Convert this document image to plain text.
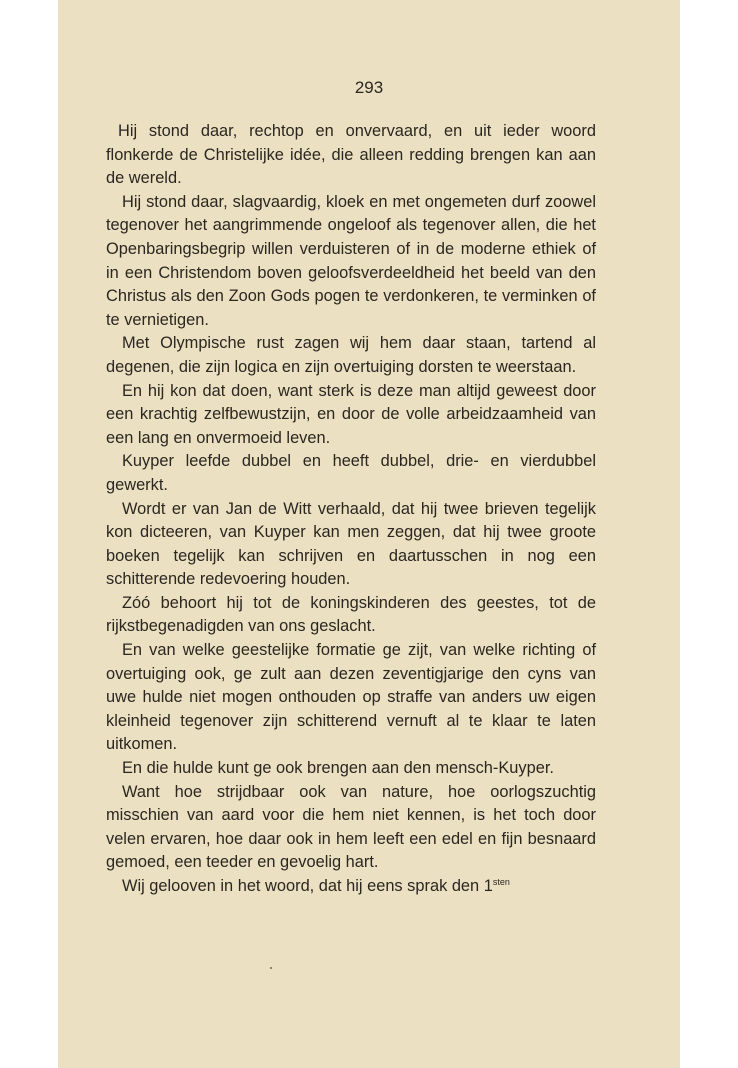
293

Hij stond daar, rechtop en onvervaard, en uit ieder woord flonkerde de Christelijke idée, die alleen redding brengen kan aan de wereld.

Hij stond daar, slagvaardig, kloek en met ongemeten durf zoowel tegenover het aangrimmende ongeloof als tegenover allen, die het Openbaringsbegrip willen verduisteren of in de moderne ethiek of in een Christendom boven geloofsverdeeldheid het beeld van den Christus als den Zoon Gods pogen te verdonkeren, te verminken of te vernietigen.

Met Olympische rust zagen wij hem daar staan, tartend al degenen, die zijn logica en zijn overtuiging dorsten te weerstaan.

En hij kon dat doen, want sterk is deze man altijd geweest door een krachtig zelfbewustzijn, en door de volle arbeidzaamheid van een lang en onvermoeid leven.

Kuyper leefde dubbel en heeft dubbel, drie- en vierdubbel gewerkt.

Wordt er van Jan de Witt verhaald, dat hij twee brieven tegelijk kon dicteeren, van Kuyper kan men zeggen, dat hij twee groote boeken tegelijk kan schrijven en daartusschen in nog een schitterende redevoering houden.

Zóó behoort hij tot de koningskinderen des geestes, tot de rijkstbegenadigden van ons geslacht.

En van welke geestelijke formatie ge zijt, van welke richting of overtuiging ook, ge zult aan dezen zeventigjarige den cyns van uwe hulde niet mogen onthouden op straffe van anders uw eigen kleinheid tegenover zijn schitterend vernuft al te klaar te laten uitkomen.

En die hulde kunt ge ook brengen aan den mensch-Kuyper.

Want hoe strijdbaar ook van nature, hoe oorlogszuchtig misschien van aard voor die hem niet kennen, is het toch door velen ervaren, hoe daar ook in hem leeft een edel en fijn besnaard gemoed, een teeder en gevoelig hart.

Wij gelooven in het woord, dat hij eens sprak den $1^{sten}$
